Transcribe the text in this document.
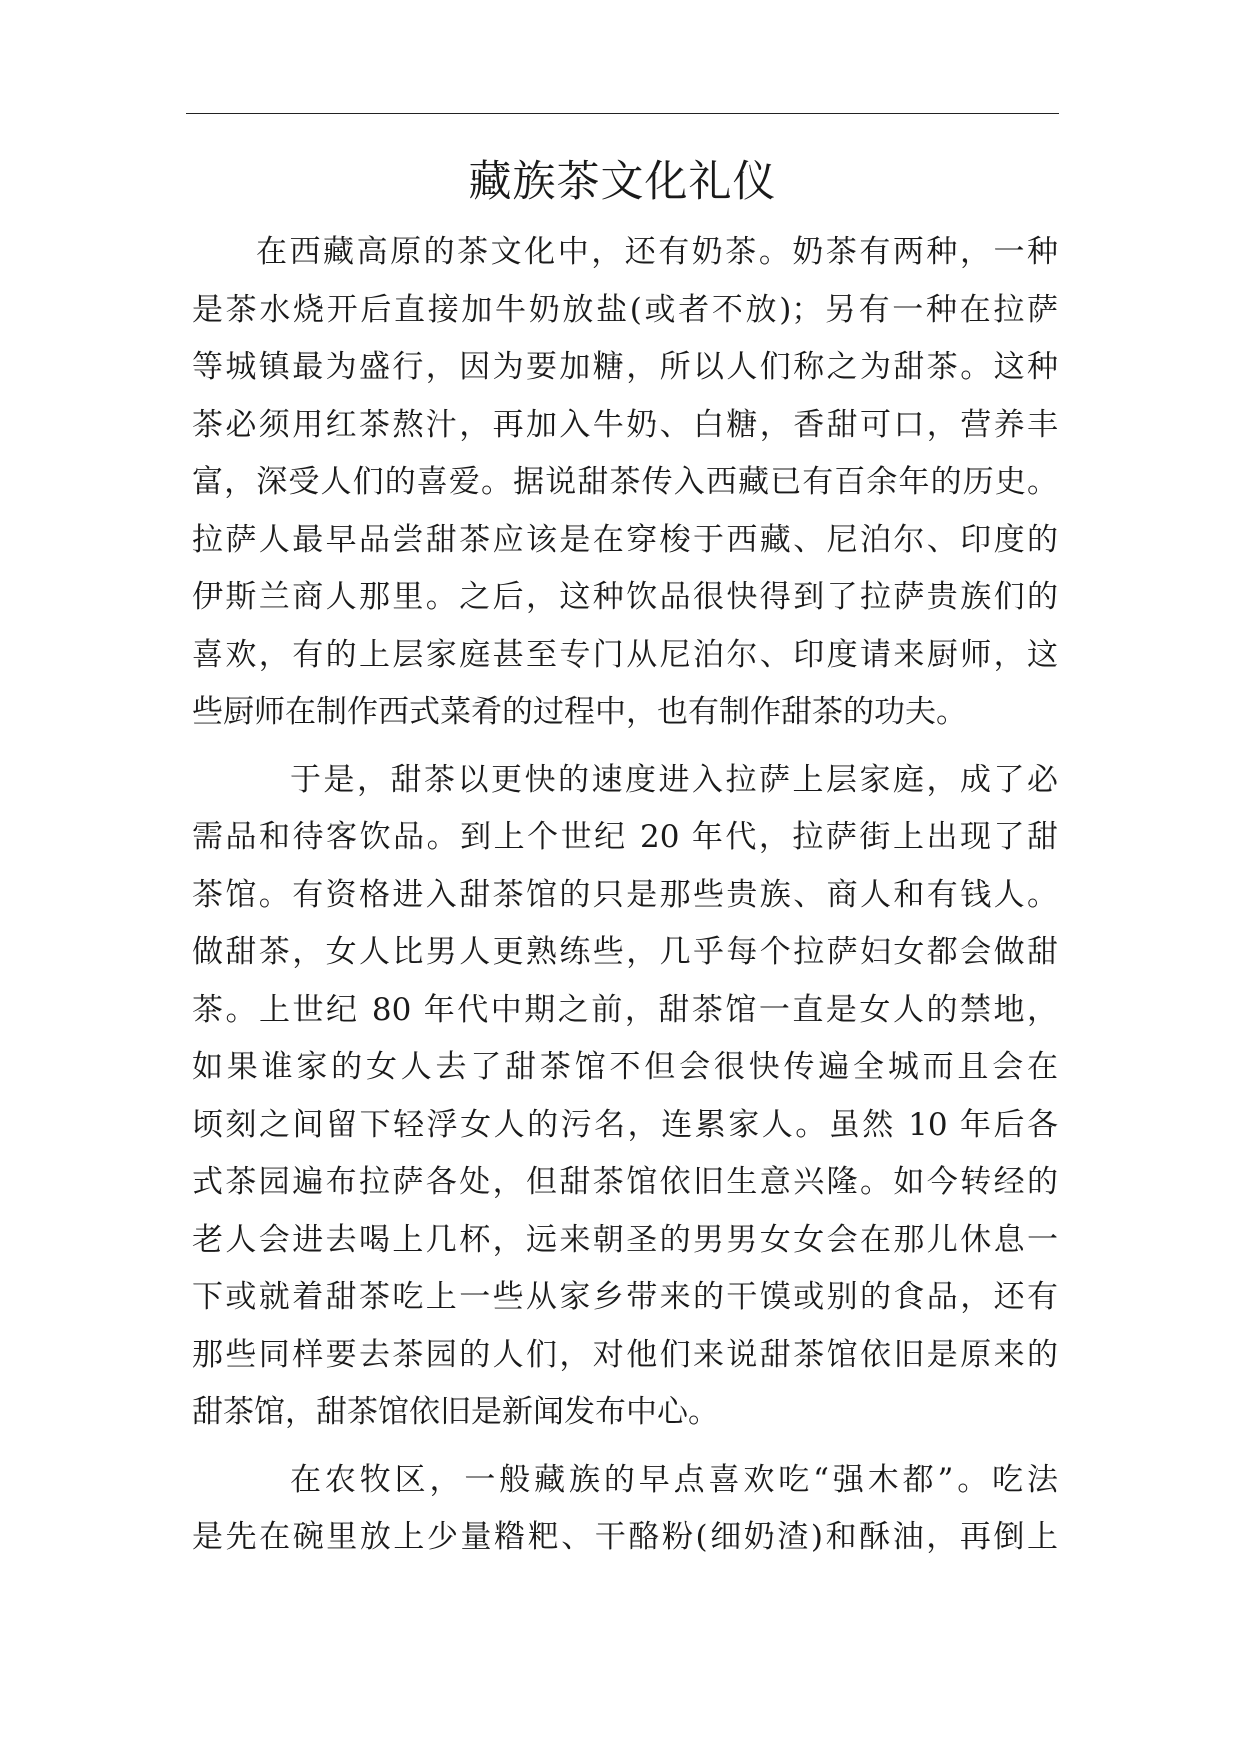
藏族茶文化礼仪
在西藏高原的茶文化中，还有奶茶。奶茶有两种，一种
是茶水烧开后直接加牛奶放盐(或者不放)；另有一种在拉萨
等城镇最为盛行，因为要加糖，所以人们称之为甜茶。这种
茶必须用红茶熬汁，再加入牛奶、白糖，香甜可口，营养丰
富，深受人们的喜爱。据说甜茶传入西藏已有百余年的历史。
拉萨人最早品尝甜茶应该是在穿梭于西藏、尼泊尔、印度的
伊斯兰商人那里。之后，这种饮品很快得到了拉萨贵族们的
喜欢，有的上层家庭甚至专门从尼泊尔、印度请来厨师，这
些厨师在制作西式菜肴的过程中，也有制作甜茶的功夫。
于是，甜茶以更快的速度进入拉萨上层家庭，成了必
需品和待客饮品。到上个世纪 20 年代，拉萨街上出现了甜
茶馆。有资格进入甜茶馆的只是那些贵族、商人和有钱人。
做甜茶，女人比男人更熟练些，几乎每个拉萨妇女都会做甜
茶。上世纪 80 年代中期之前，甜茶馆一直是女人的禁地，
如果谁家的女人去了甜茶馆不但会很快传遍全城而且会在
顷刻之间留下轻浮女人的污名，连累家人。虽然 10 年后各
式茶园遍布拉萨各处，但甜茶馆依旧生意兴隆。如今转经的
老人会进去喝上几杯，远来朝圣的男男女女会在那儿休息一
下或就着甜茶吃上一些从家乡带来的干馍或别的食品，还有
那些同样要去茶园的人们，对他们来说甜茶馆依旧是原来的
甜茶馆，甜茶馆依旧是新闻发布中心。
在农牧区，一般藏族的早点喜欢吃“强木都”。吃法
是先在碗里放上少量糌粑、干酪粉(细奶渣)和酥油，再倒上
